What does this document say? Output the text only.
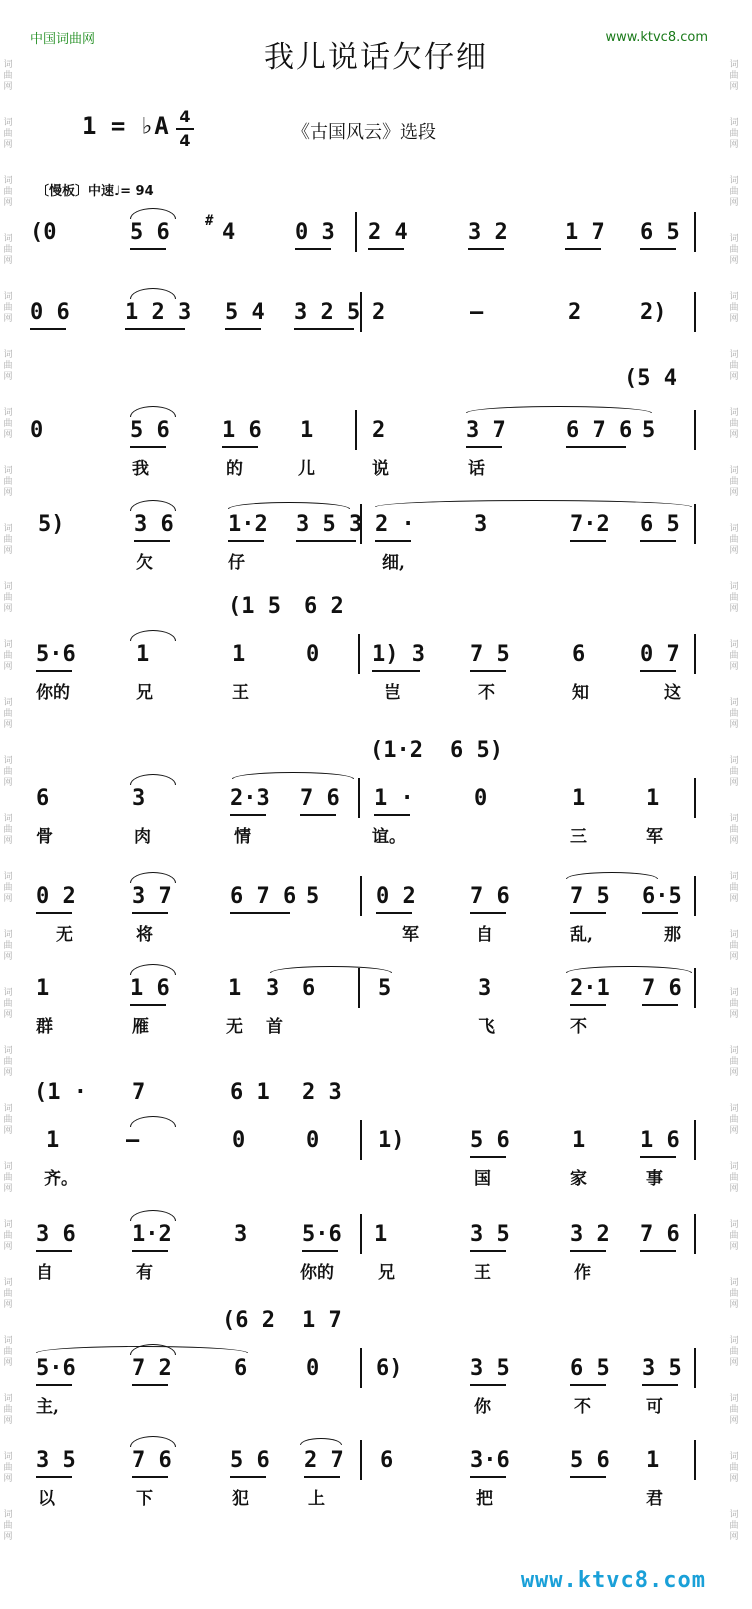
中国词曲网	www.ktvc8.com
我儿说话欠仔细
1 = ♭A 4
4	《古国风云》选段
〔慢板〕中速♩= 94
(0	5 6	# 4	0 3 2 4	3 2	1 7 6 5
0 6	1 2 3 5 4 3 2 5 2	—	2	2)
0	5 6 1 6 1	2	3 7	6 7 6 5
我	的	儿	说	话
5)	3 6 1·2 3 5 3 2 ·	3	7·2 6 5
欠	仔	细,
5·6	1	1	0 1) 3 7 5	6 0 7
你的	兄	王	岂	不	知	这
6	3	2·3 7 6 1 ·	0	1	1
骨	肉	情	谊。	三	军
0 2	3 7	6 7 6 5	0 2 7 6	7 5 6·5
无	将	军	自	乱,	那
1	1 6	1 3 6	5	3	2·1 7 6
群	雁	无 首	飞	不
1	—	0	0	1)	5 6	1 1 6
齐。	国	家	事
3 6	1·2	3 5·6 1	3 5	3 2 7 6
自	有	你的	兄	王	作
5·6	7 2	6	0	6)	3 5	6 5 3 5
主,	你	不	可
3 5	7 6	5 6 2 7 6	3·6	5 6 1
以	下	犯	上	把	君
(5 4
(1 5 6 2
(1·2 6 5)
(1 · 7	6 1 2 3
(6 2 1 7
词
曲
网
词
曲
网
词
曲
网
词
曲
网
词
曲
网
词
曲
网
词
曲
网
词
曲
网
词
曲
网
词
曲
网
词
曲
网
词
曲
网
词
曲
网
词
曲
网
词
曲
网
词
曲
网
词
曲
网
词
曲
网
词
曲
网
词
曲
网
词
曲
网
词
曲
网
词
曲
网
词
曲
网
词
曲
网
词
曲
网
词
曲
网
词
曲
网
词
曲
网
词
曲
网
词
曲
网
词
曲
网
词
曲
网
词
曲
网
词
曲
网
词
曲
网
词
曲
网
词
曲
网
词
曲
网
词
曲
网
词
曲
网
词
曲
网
词
曲
网
词
曲
网
词
曲
网
词
曲
网
词
曲
网
词
曲
网
词
曲
网
词
曲
网
词
曲
网
词
曲
网
www.ktvc8.com
